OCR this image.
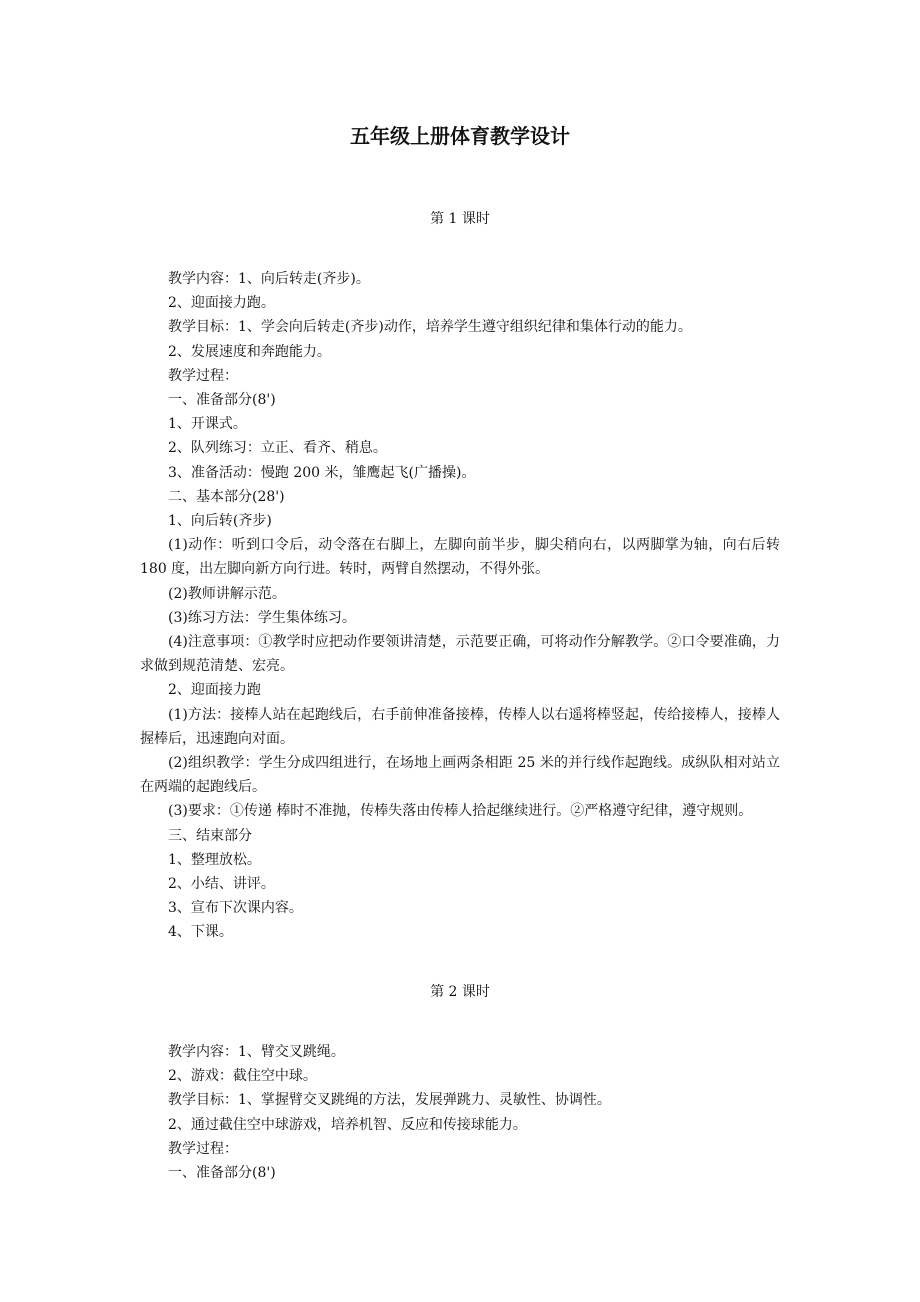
五年级上册体育教学设计
第 1 课时

教学内容：1、向后转走(齐步)。

2、迎面接力跑。

教学目标：1、学会向后转走(齐步)动作，培养学生遵守组织纪律和集体行动的能力。

2、发展速度和奔跑能力。

教学过程：

一、准备部分(8')

1、开课式。

2、队列练习：立正、看齐、稍息。

3、准备活动：慢跑 200 米，雏鹰起飞(广播操)。

二、基本部分(28')

1、向后转(齐步)

(1)动作：听到口令后，动令落在右脚上，左脚向前半步，脚尖稍向右，以两脚掌为轴，向右后转 180 度，出左脚向新方向行进。转时，两臂自然摆动，不得外张。

(2)教师讲解示范。

(3)练习方法：学生集体练习。

(4)注意事项：①教学时应把动作要领讲清楚，示范要正确，可将动作分解教学。②口令要准确，力求做到规范清楚、宏亮。

2、迎面接力跑

(1)方法：接棒人站在起跑线后，右手前伸准备接棒，传棒人以右遥将棒竖起，传给接棒人，接棒人握棒后，迅速跑向对面。

(2)组织教学：学生分成四组进行，在场地上画两条相距 25 米的并行线作起跑线。成纵队相对站立在两端的起跑线后。

(3)要求：①传递 棒时不准抛，传棒失落由传棒人拾起继续进行。②严格遵守纪律，遵守规则。

三、结束部分

1、整理放松。

2、小结、讲评。

3、宣布下次课内容。

4、下课。

第 2 课时

教学内容：1、臂交叉跳绳。

2、游戏：截住空中球。

教学目标：1、掌握臂交叉跳绳的方法，发展弹跳力、灵敏性、协调性。

2、通过截住空中球游戏，培养机智、反应和传接球能力。

教学过程：

一、准备部分(8')
